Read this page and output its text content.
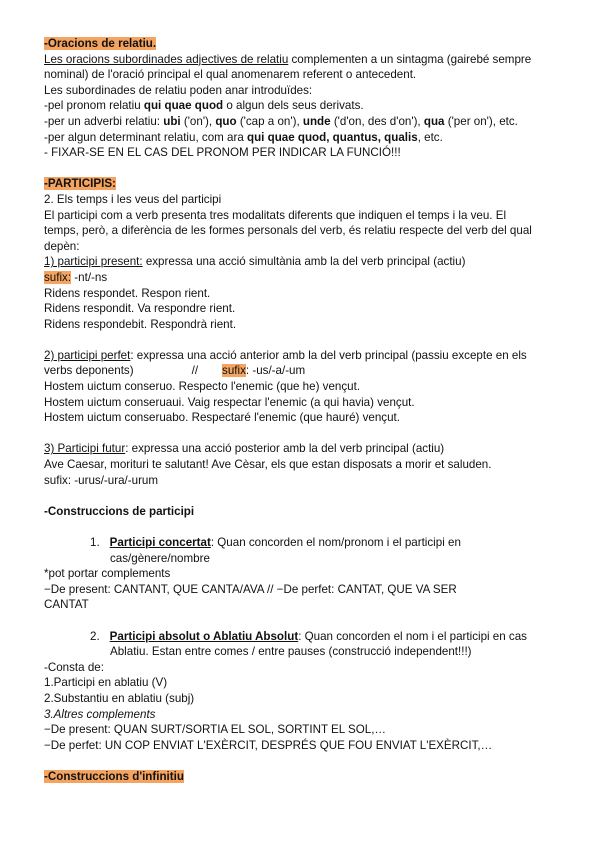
-Oracions de relatiu.
Les oracions subordinades adjectives de relatiu complementen a un sintagma (gairebé sempre
nominal) de l'oració principal el qual anomenarem referent o antecedent.
Les subordinades de relatiu poden anar introduïdes:
-pel pronom relatiu qui quae quod o algun dels seus derivats.
-per un adverbi relatiu: ubi ('on'), quo ('cap a on'), unde ('d'on, des d'on'), qua ('per on'), etc.
-per algun determinant relatiu, com ara qui quae quod, quantus, qualis, etc.
- FIXAR-SE EN EL CAS DEL PRONOM PER INDICAR LA FUNCIÓ!!!
-PARTICIPIS:
2. Els temps i les veus del participi
El participi com a verb presenta tres modalitats diferents que indiquen el temps i la veu. El
temps, però, a diferència de les formes personals del verb, és relatiu respecte del verb del qual
depèn:
1) participi present: expressa una acció simultània amb la del verb principal (actiu)
sufix: -nt/-ns
Ridens respondet. Respon rient.
Ridens respondit. Va respondre rient.
Ridens respondebit. Respondrà rient.
2) participi perfet: expressa una acció anterior amb la del verb principal (passiu excepte en els
verbs deponents)	// sufix: -us/-a/-um
Hostem uictum conseruo. Respecto l'enemic (que he) vençut.
Hostem uictum conseruaui. Vaig respectar l'enemic (a qui havia) vençut.
Hostem uictum conseruabo. Respectaré l'enemic (que hauré) vençut.
3) Participi futur: expressa una acció posterior amb la del verb principal (actiu)
Ave Caesar, morituri te salutant! Ave Cèsar, els que estan disposats a morir et saluden.
sufix: -urus/-ura/-urum
-Construccions de participi
1. Participi concertat: Quan concorden el nom/pronom i el participi en
cas/gènere/nombre
*pot portar complements
−De present: CANTANT, QUE CANTA/AVA // −De perfet: CANTAT, QUE VA SER
CANTAT
2. Participi absolut o Ablatiu Absolut: Quan concorden el nom i el participi en cas
Ablatiu. Estan entre comes / entre pauses (construcció independent!!!)
-Consta de:
1.Participi en ablatiu (V)
2.Substantiu en ablatiu (subj)
3.Altres complements
−De present: QUAN SURT/SORTIA EL SOL, SORTINT EL SOL,…
−De perfet: UN COP ENVIAT L'EXÈRCIT, DESPRÉS QUE FOU ENVIAT L'EXÈRCIT,…
-Construccions d'infinitiu
